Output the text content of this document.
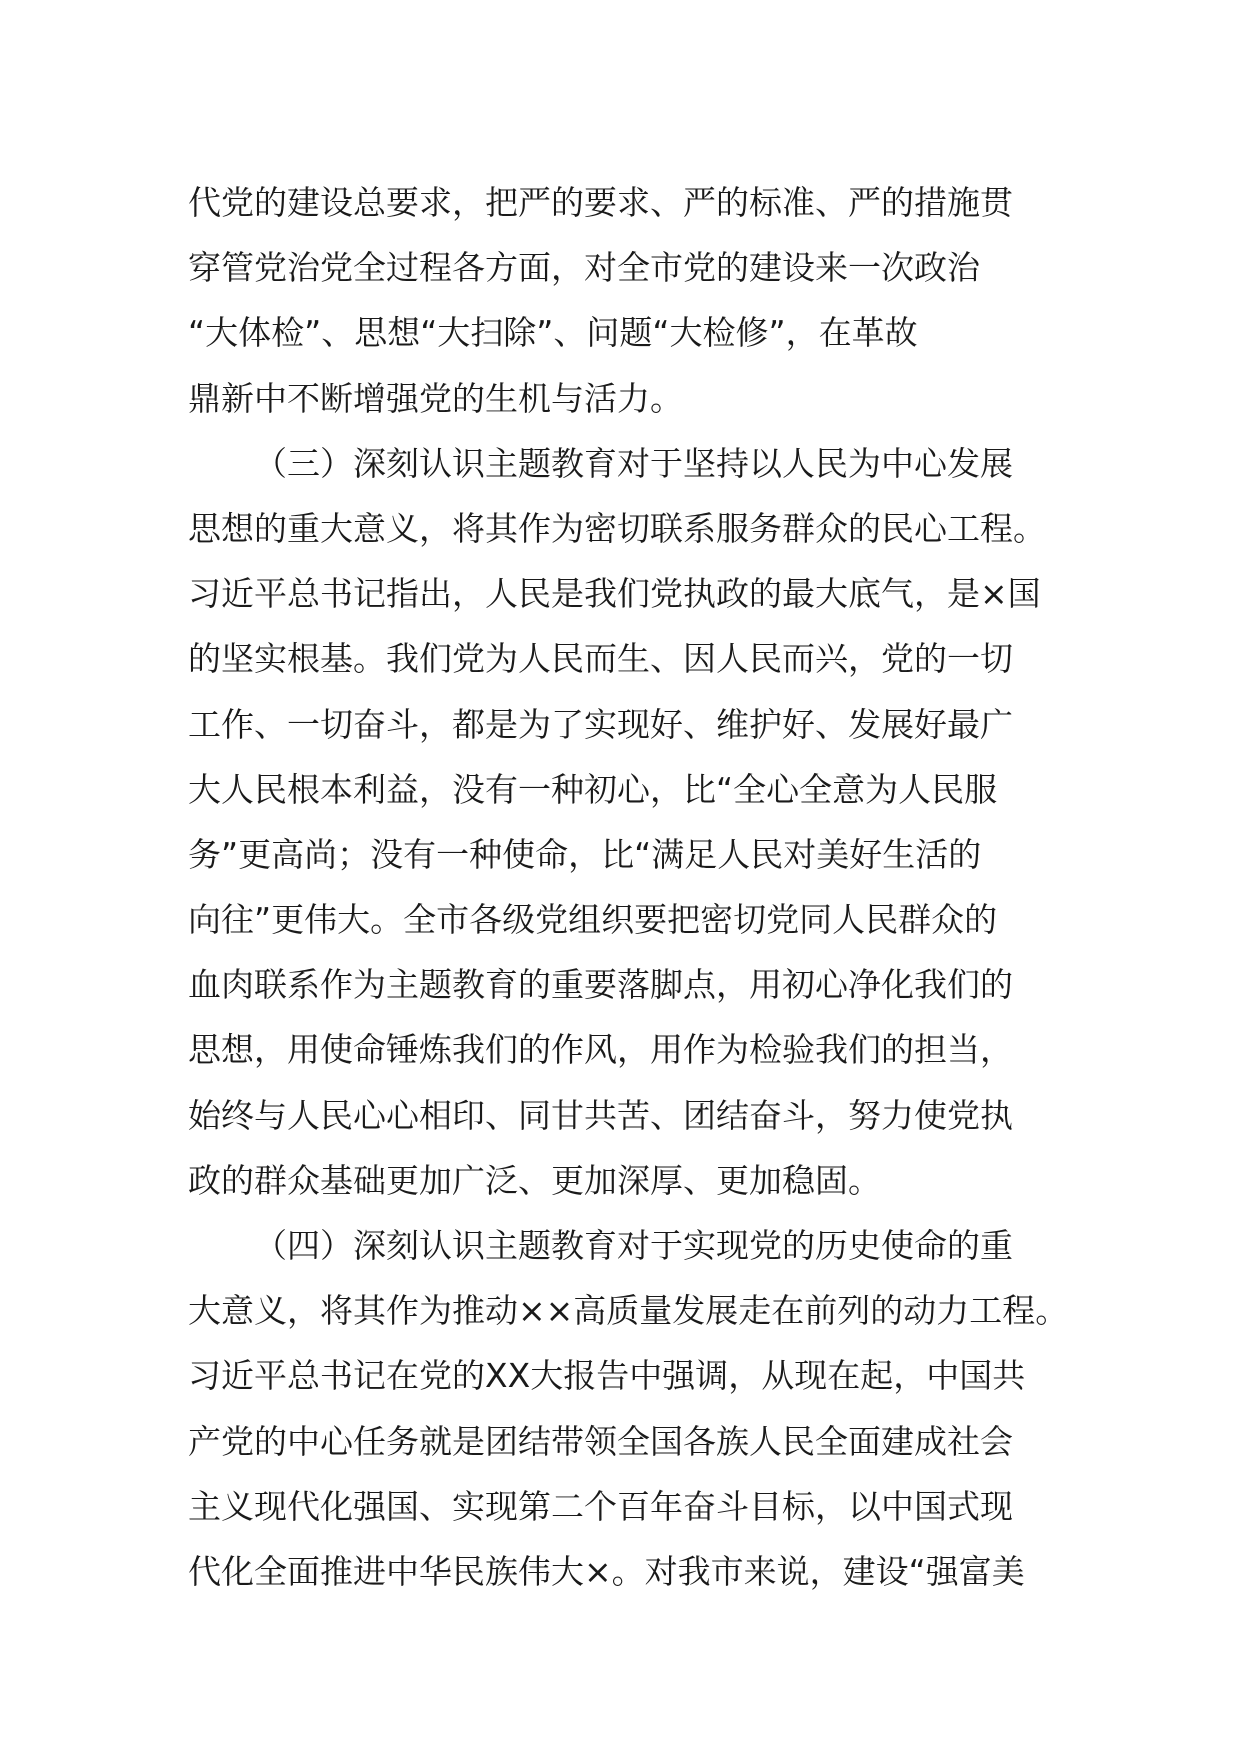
代党的建设总要求，把严的要求、严的标准、严的措施贯
穿管党治党全过程各方面，对全市党的建设来一次政治
“大体检”、思想“大扫除”、问题“大检修”，在革故
鼎新中不断增强党的生机与活力。
（三）深刻认识主题教育对于坚持以人民为中心发展
思想的重大意义，将其作为密切联系服务群众的民心工程。
习近平总书记指出，人民是我们党执政的最大底气，是×国
的坚实根基。我们党为人民而生、因人民而兴，党的一切
工作、一切奋斗，都是为了实现好、维护好、发展好最广
大人民根本利益，没有一种初心，比“全心全意为人民服
务”更高尚；没有一种使命，比“满足人民对美好生活的
向往”更伟大。全市各级党组织要把密切党同人民群众的
血肉联系作为主题教育的重要落脚点，用初心净化我们的
思想，用使命锤炼我们的作风，用作为检验我们的担当，
始终与人民心心相印、同甘共苦、团结奋斗，努力使党执
政的群众基础更加广泛、更加深厚、更加稳固。
（四）深刻认识主题教育对于实现党的历史使命的重
大意义，将其作为推动××高质量发展走在前列的动力工程。
习近平总书记在党的XX大报告中强调，从现在起，中国共
产党的中心任务就是团结带领全国各族人民全面建成社会
主义现代化强国、实现第二个百年奋斗目标，以中国式现
代化全面推进中华民族伟大×。对我市来说，建设“强富美
